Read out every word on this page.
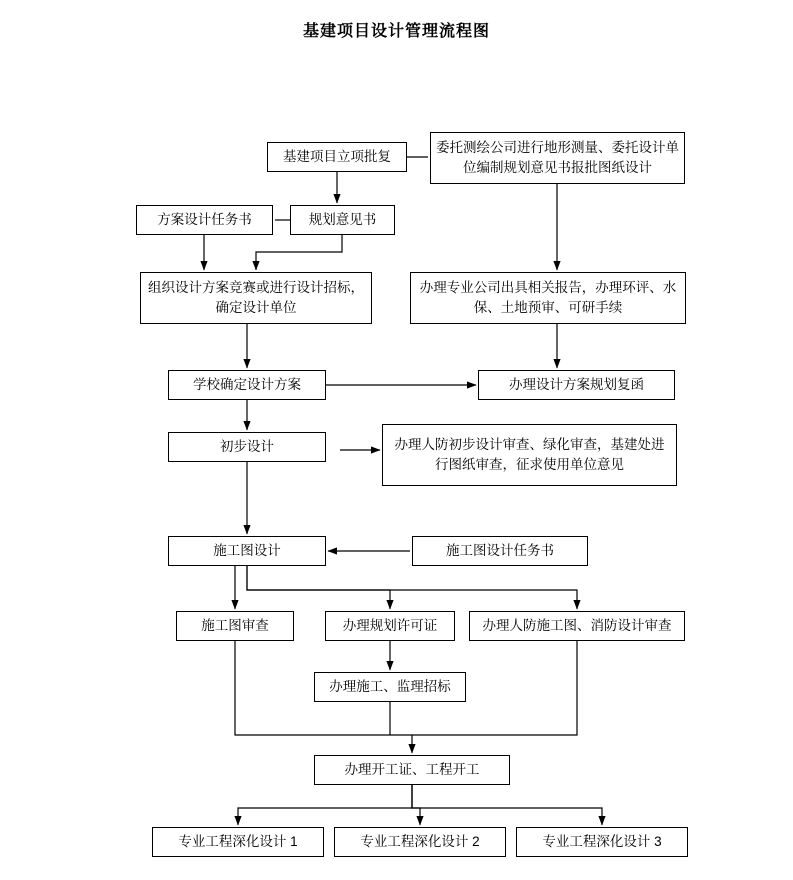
基建项目设计管理流程图
基建项目立项批复
委托测绘公司进行地形测量、委托设计单位编制规划意见书报批图纸设计
方案设计任务书	规划意见书
组织设计方案竞赛或进行设计招标，确定设计单位
办理专业公司出具相关报告，办理环评、水保、土地预审、可研手续
学校确定设计方案	办理设计方案规划复函
初步设计	办理人防初步设计审查、绿化审查，基建处进行图纸审查，征求使用单位意见
施工图设计	施工图设计任务书
施工图审查	办理规划许可证	办理人防施工图、消防设计审查
办理施工、监理招标
办理开工证、工程开工
专业工程深化设计 1	专业工程深化设计 2	专业工程深化设计 3
